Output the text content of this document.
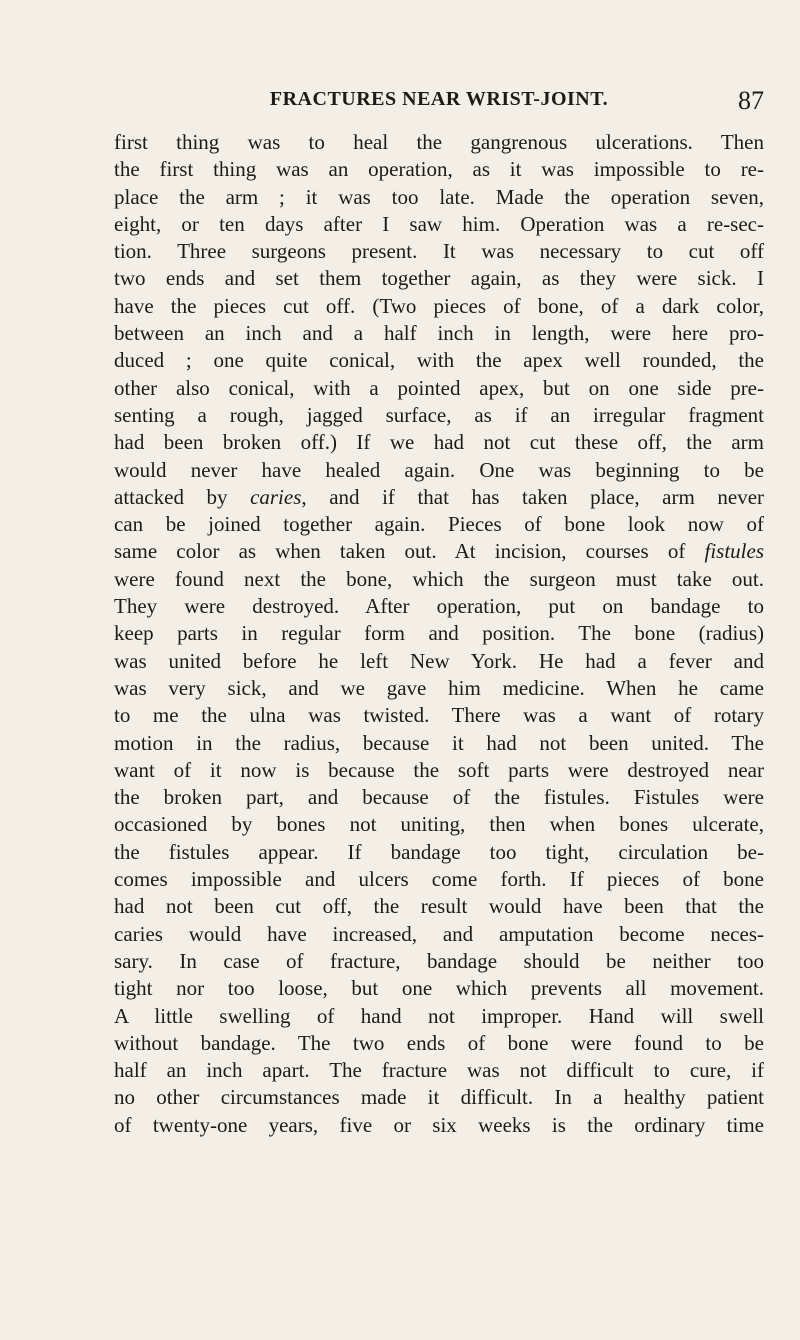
FRACTURES NEAR WRIST-JOINT.	87
first thing was to heal the gangrenous ulcerations. Then
the first thing was an operation, as it was impossible to re-
place the arm ; it was too late. Made the operation seven,
eight, or ten days after I saw him. Operation was a re-sec-
tion. Three surgeons present. It was necessary to cut off
two ends and set them together again, as they were sick. I
have the pieces cut off. (Two pieces of bone, of a dark color,
between an inch and a half inch in length, were here pro-
duced ; one quite conical, with the apex well rounded, the
other also conical, with a pointed apex, but on one side pre-
senting a rough, jagged surface, as if an irregular fragment
had been broken off.) If we had not cut these off, the arm
would never have healed again. One was beginning to be
attacked by caries, and if that has taken place, arm never
can be joined together again. Pieces of bone look now of
same color as when taken out. At incision, courses of fistules
were found next the bone, which the surgeon must take out.
They were destroyed. After operation, put on bandage to
keep parts in regular form and position. The bone (radius)
was united before he left New York. He had a fever and
was very sick, and we gave him medicine. When he came
to me the ulna was twisted. There was a want of rotary
motion in the radius, because it had not been united. The
want of it now is because the soft parts were destroyed near
the broken part, and because of the fistules. Fistules were
occasioned by bones not uniting, then when bones ulcerate,
the fistules appear. If bandage too tight, circulation be-
comes impossible and ulcers come forth. If pieces of bone
had not been cut off, the result would have been that the
caries would have increased, and amputation become neces-
sary. In case of fracture, bandage should be neither too
tight nor too loose, but one which prevents all movement.
A little swelling of hand not improper. Hand will swell
without bandage. The two ends of bone were found to be
half an inch apart. The fracture was not difficult to cure, if
no other circumstances made it difficult. In a healthy patient
of twenty-one years, five or six weeks is the ordinary time
